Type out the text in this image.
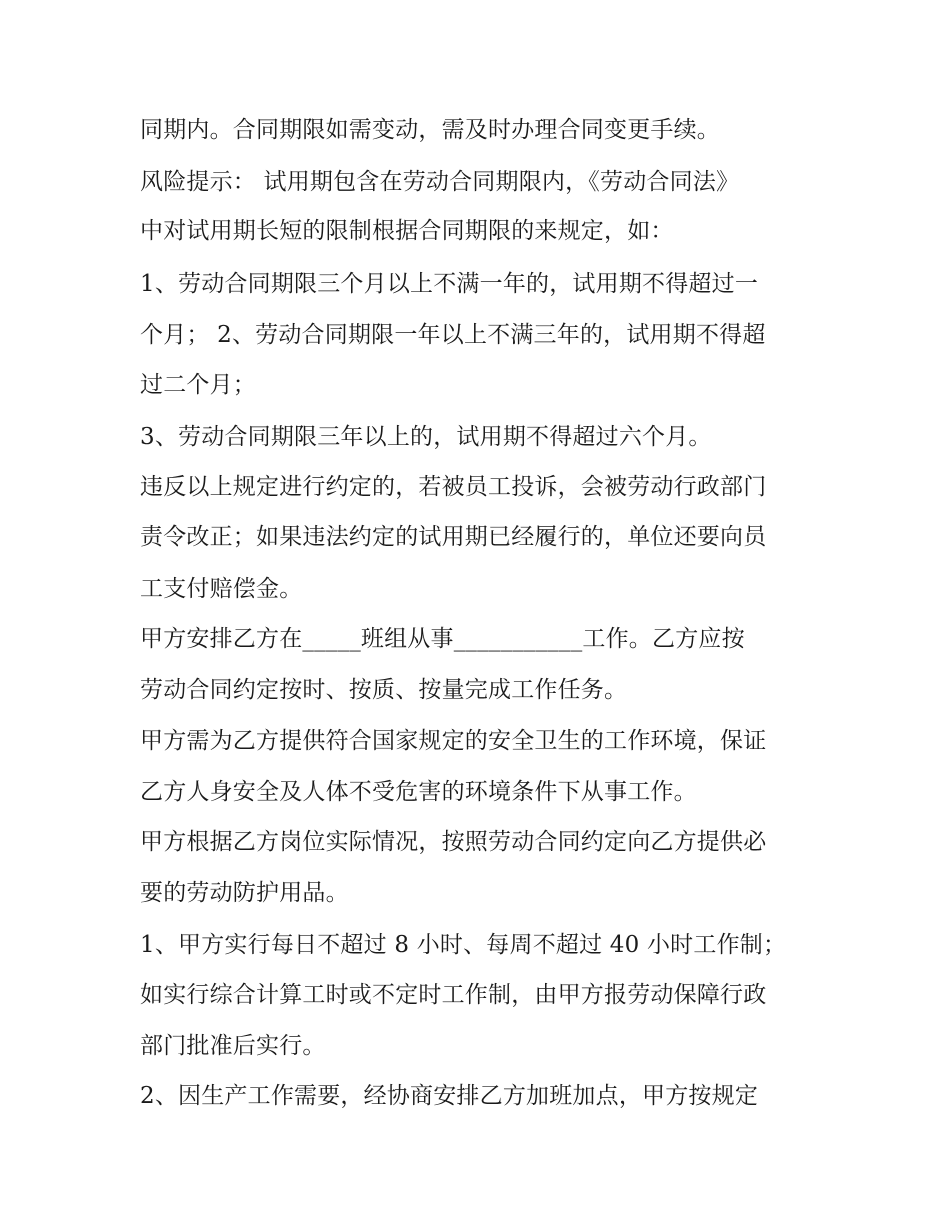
同期内。合同期限如需变动，需及时办理合同变更手续。
风险提示： 试用期包含在劳动合同期限内，《劳动合同法》
中对试用期长短的限制根据合同期限的来规定，如：
1、劳动合同期限三个月以上不满一年的，试用期不得超过一
个月； 2、劳动合同期限一年以上不满三年的，试用期不得超
过二个月；
3、劳动合同期限三年以上的，试用期不得超过六个月。
违反以上规定进行约定的，若被员工投诉，会被劳动行政部门
责令改正；如果违法约定的试用期已经履行的，单位还要向员
工支付赔偿金。
甲方安排乙方在_____班组从事___________工作。乙方应按
劳动合同约定按时、按质、按量完成工作任务。
甲方需为乙方提供符合国家规定的安全卫生的工作环境，保证
乙方人身安全及人体不受危害的环境条件下从事工作。
甲方根据乙方岗位实际情况，按照劳动合同约定向乙方提供必
要的劳动防护用品。
1、甲方实行每日不超过 8 小时、每周不超过 40 小时工作制；
如实行综合计算工时或不定时工作制，由甲方报劳动保障行政
部门批准后实行。
2、因生产工作需要，经协商安排乙方加班加点，甲方按规定
